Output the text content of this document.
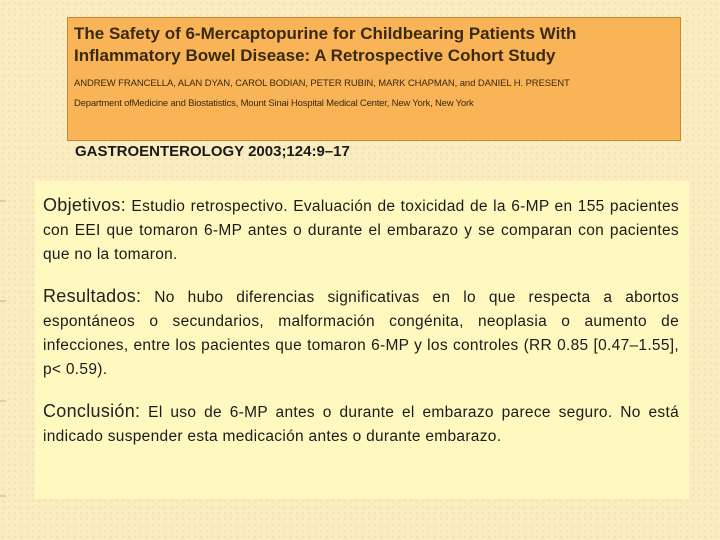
The Safety of 6-Mercaptopurine for Childbearing Patients With Inflammatory Bowel Disease: A Retrospective Cohort Study

ANDREW FRANCELLA, ALAN DYAN, CAROL BODIAN, PETER RUBIN, MARK CHAPMAN, and DANIEL H. PRESENT
Department ofMedicine and Biostatistics, Mount Sinai Hospital Medical Center, New York, New York
GASTROENTEROLOGY 2003;124:9–17

Objetivos: Estudio retrospectivo. Evaluación de toxicidad de la 6-MP en 155 pacientes con EEI que tomaron 6-MP antes o durante el embarazo y se comparan con pacientes que no la tomaron.

Resultados: No hubo diferencias significativas en lo que respecta a abortos espontáneos o secundarios, malformación congénita, neoplasia o aumento de infecciones, entre los pacientes que tomaron 6-MP y los controles (RR 0.85 [0.47–1.55], p< 0.59).

Conclusión: El uso de 6-MP antes o durante el embarazo parece seguro. No está indicado suspender esta medicación antes o durante embarazo.
